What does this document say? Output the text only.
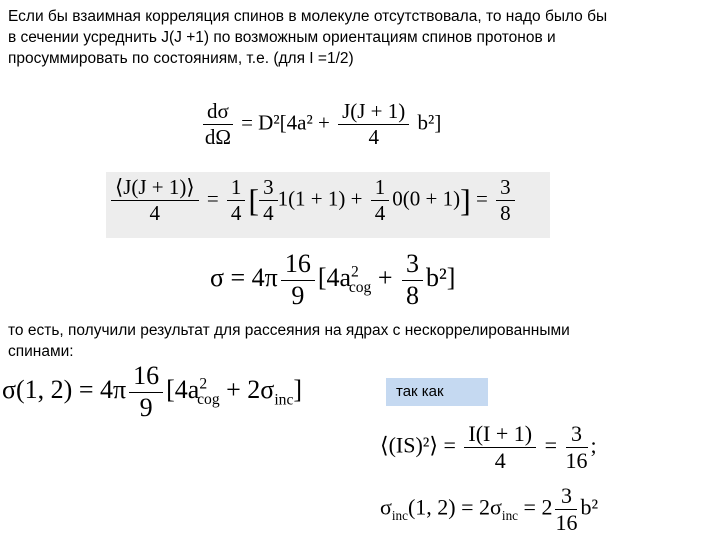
Если бы взаимная корреляция спинов в молекуле отсутствовала, то надо было бы
в сечении усреднить J(J +1) по возможным ориентациям спинов протонов и
просуммировать по состояниям, т.е. (для I =1/2)
$\frac{d\sigma}{d\Omega} = D^2[4a^2 + \frac{J(J + 1)}{4} b^2]$
$\frac{⟨J(J + 1)⟩}{4} = \frac{1}{4}$ [ $\frac{3}{4} 1(1 + 1) + \frac{1}{4} 0(0 + 1)] = \frac{3}{8}$
$\sigma = 4\pi \frac{16}{9} [4a^2_{cog} + \frac{3}{8} b^2]$
то есть, получили результат для рассеяния на ядрах с нескоррелированными
спинами:
σ(1, $2) = 4\pi \frac{16}{9} [4a^2_{cog} + 2\sigma_{inc}]$	так как
⟨(IS)²⟩ = $\frac{I(I + 1)}{4} = \frac{3}{16}$ ;
$\sigma_{inc}(1$, $2) = 2\sigma_{inc} = 2 \frac{3}{16} b^2$
